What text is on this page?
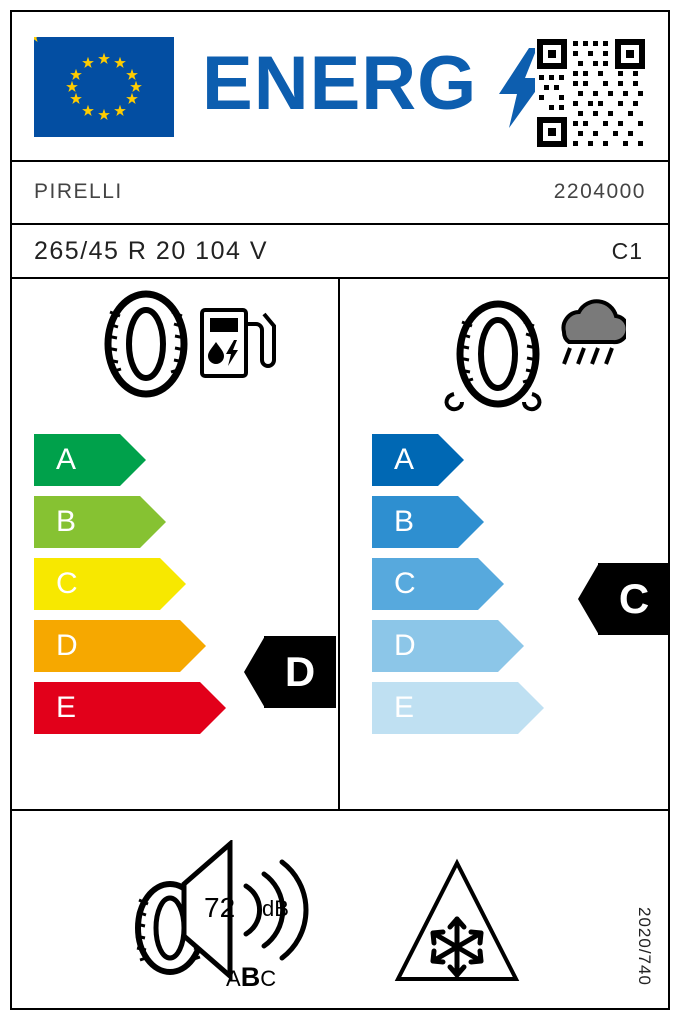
ENERG
PIRELLI	2204000
265/45 R 20 104 V	C1
A
B
C
D
E
D
A
B
C
D
E
C
72 dB
ABC	2020/740
